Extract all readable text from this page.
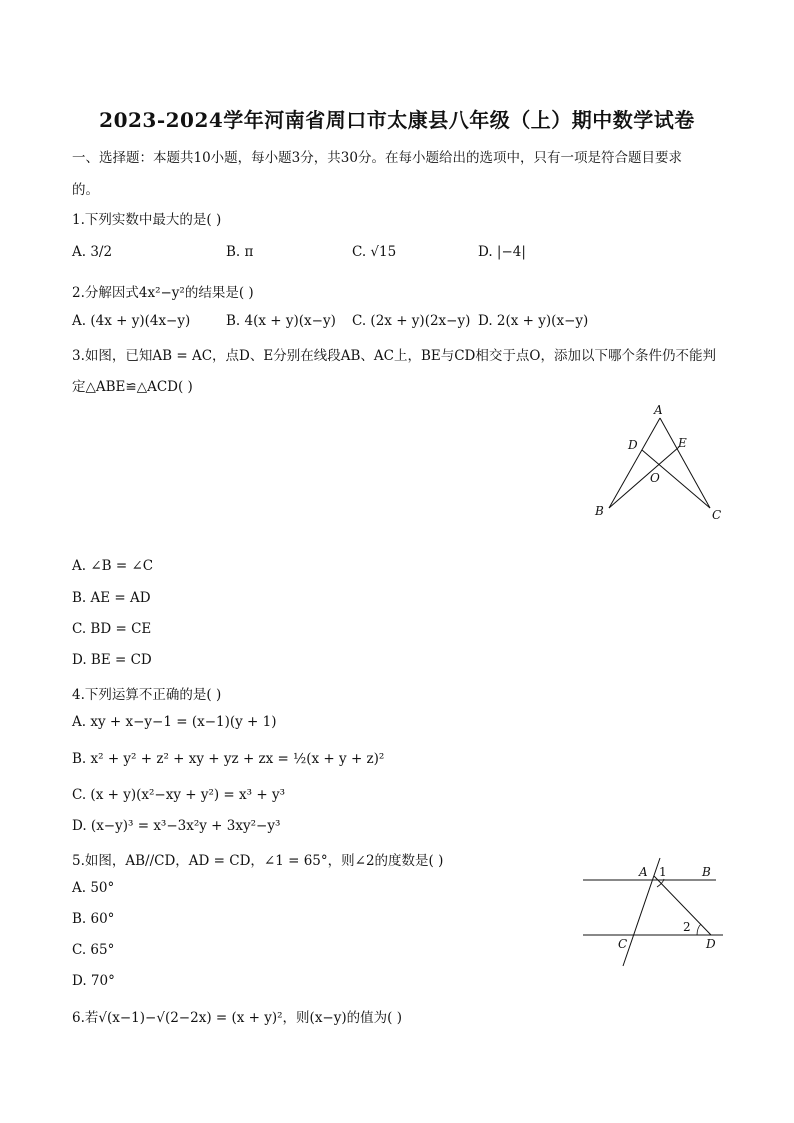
2023-2024学年河南省周口市太康县八年级（上）期中数学试卷
一、选择题：本题共10小题，每小题3分，共30分。在每小题给出的选项中，只有一项是符合题目要求
的。
1.下列实数中最大的是( )
A. 3/2	B. π	C. √15	D. |−4|
2.分解因式4x²−y²的结果是( )
A. (4x + y)(4x−y)	B. 4(x + y)(x−y) C. (2x + y)(2x−y) D. 2(x + y)(x−y)
3.如图，已知AB = AC，点D、E分别在线段AB、AC上，BE与CD相交于点O，添加以下哪个条件仍不能判
定△ABE≌△ACD( )
A
D	E
O
B	C
A. ∠B = ∠C
B. AE = AD
C. BD = CE
D. BE = CD
4.下列运算不正确的是( )
A. xy + x−y−1 = (x−1)(y + 1)
B. x² + y² + z² + xy + yz + zx = ½(x + y + z)²
C. (x + y)(x²−xy + y²) = x³ + y³
D. (x−y)³ = x³−3x²y + 3xy²−y³
5.如图，AB//CD，AD = CD，∠1 = 65°，则∠2的度数是( )
A 1	B
2
C	D
A. 50°
B. 60°
C. 65°
D. 70°
6.若√(x−1)−√(2−2x) = (x + y)²，则(x−y)的值为( )
